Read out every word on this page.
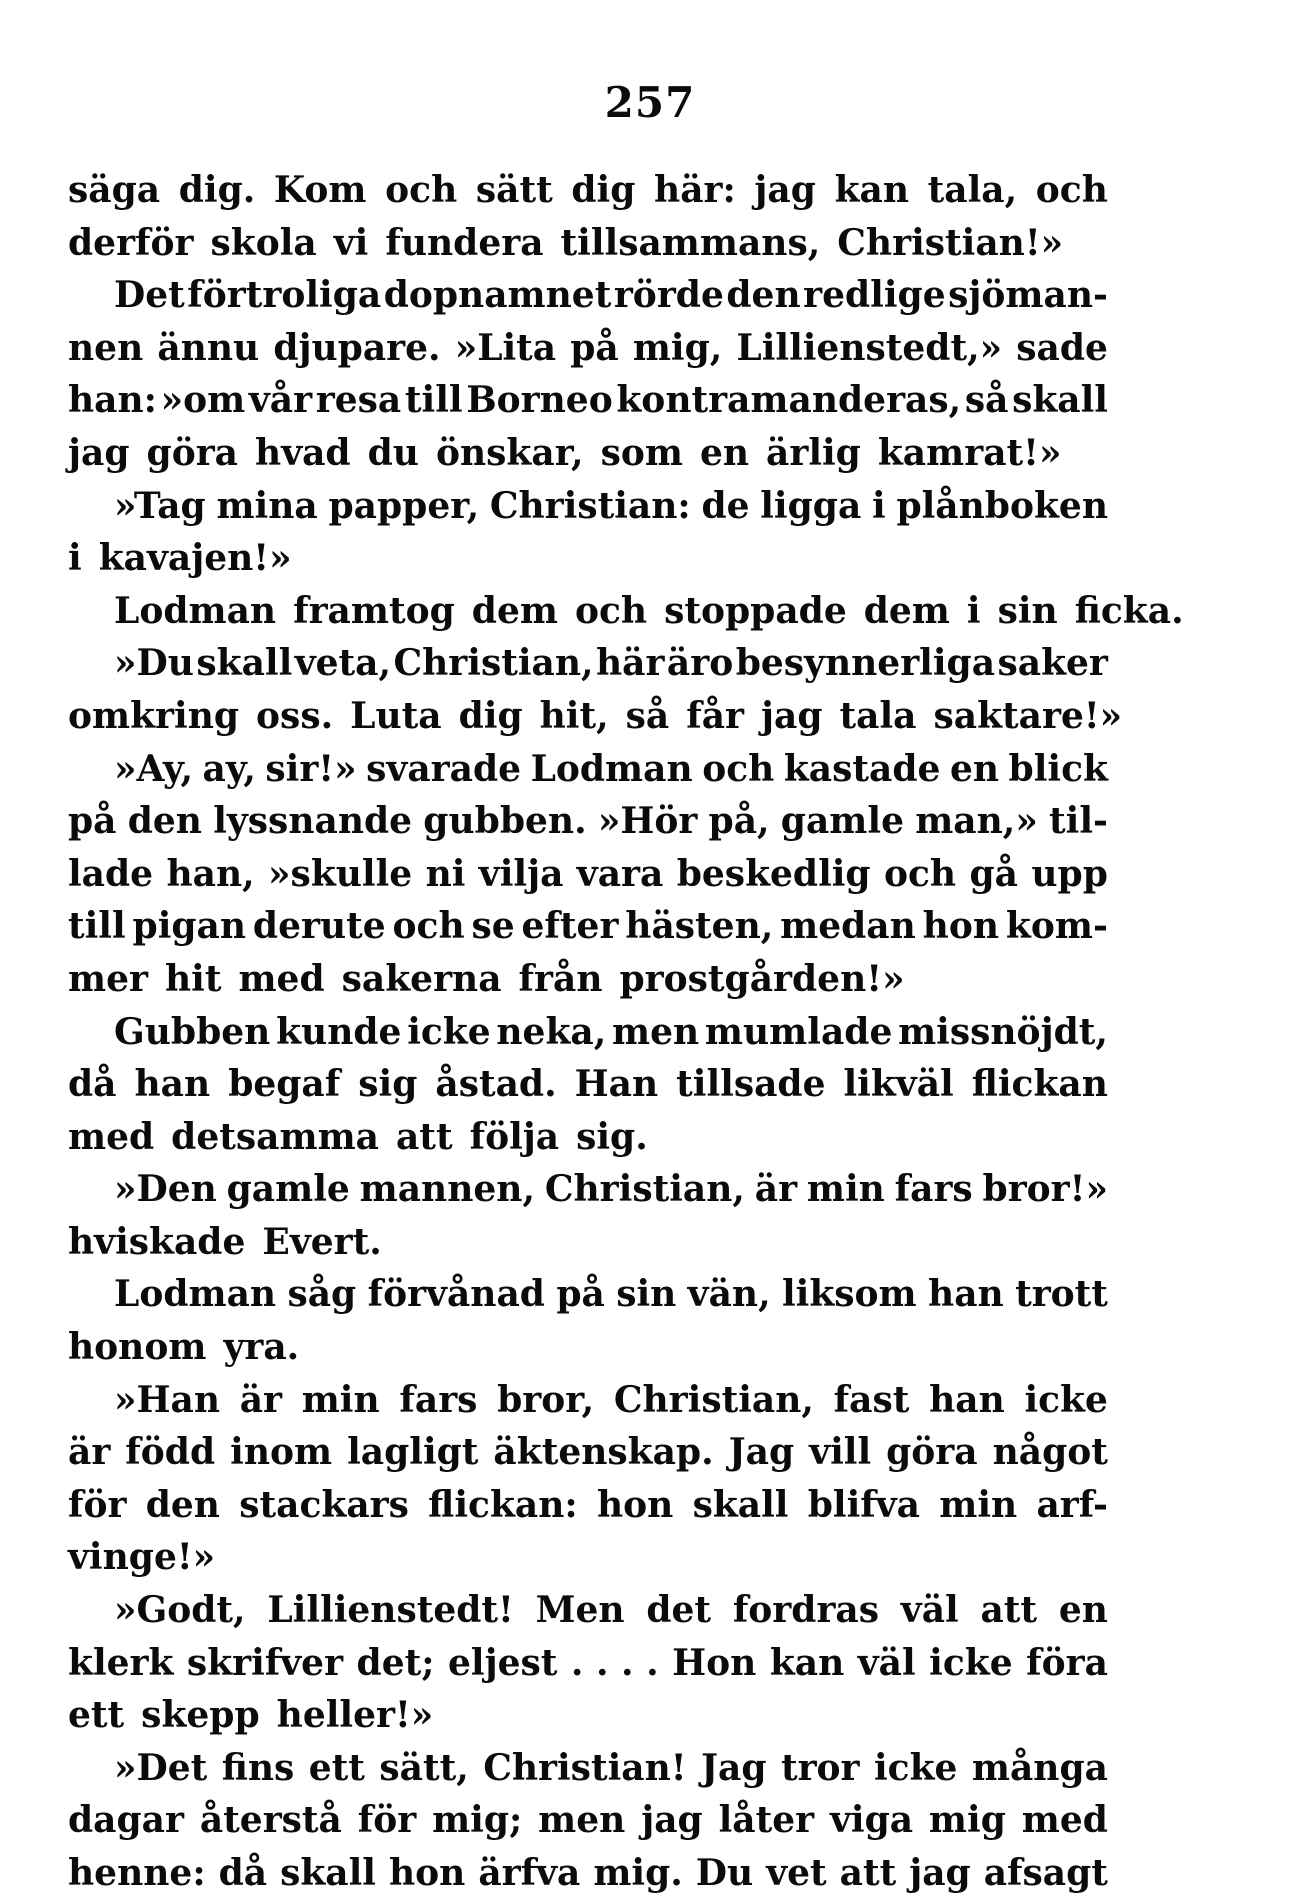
257
säga dig. Kom och sätt dig här: jag kan tala, och
derför skola vi fundera tillsammans, Christian!»
Det förtroliga dopnamnet rörde den redlige sjöman-
nen ännu djupare. »Lita på mig, Lillienstedt,» sade
han: »om vår resa till Borneo kontramanderas, så skall
jag göra hvad du önskar, som en ärlig kamrat!»
»Tag mina papper, Christian: de ligga i plånboken
i kavajen!»
Lodman framtog dem och stoppade dem i sin ficka.
»Du skall veta, Christian, här äro besynnerliga saker
omkring oss. Luta dig hit, så får jag tala saktare!»
»Ay, ay, sir!» svarade Lodman och kastade en blick
på den lyssnande gubben. »Hör på, gamle man,» til-
lade han, »skulle ni vilja vara beskedlig och gå upp
till pigan derute och se efter hästen, medan hon kom-
mer hit med sakerna från prostgården!»
Gubben kunde icke neka, men mumlade missnöjdt,
då han begaf sig åstad. Han tillsade likväl flickan
med detsamma att följa sig.
»Den gamle mannen, Christian, är min fars bror!»
hviskade Evert.
Lodman såg förvånad på sin vän, liksom han trott
honom yra.
»Han är min fars bror, Christian, fast han icke
är född inom lagligt äktenskap. Jag vill göra något
för den stackars flickan: hon skall blifva min arf-
vinge!»
»Godt, Lillienstedt! Men det fordras väl att en
klerk skrifver det; eljest . . . . Hon kan väl icke föra
ett skepp heller!»
»Det fins ett sätt, Christian! Jag tror icke många
dagar återstå för mig; men jag låter viga mig med
henne: då skall hon ärfva mig. Du vet att jag afsagt
